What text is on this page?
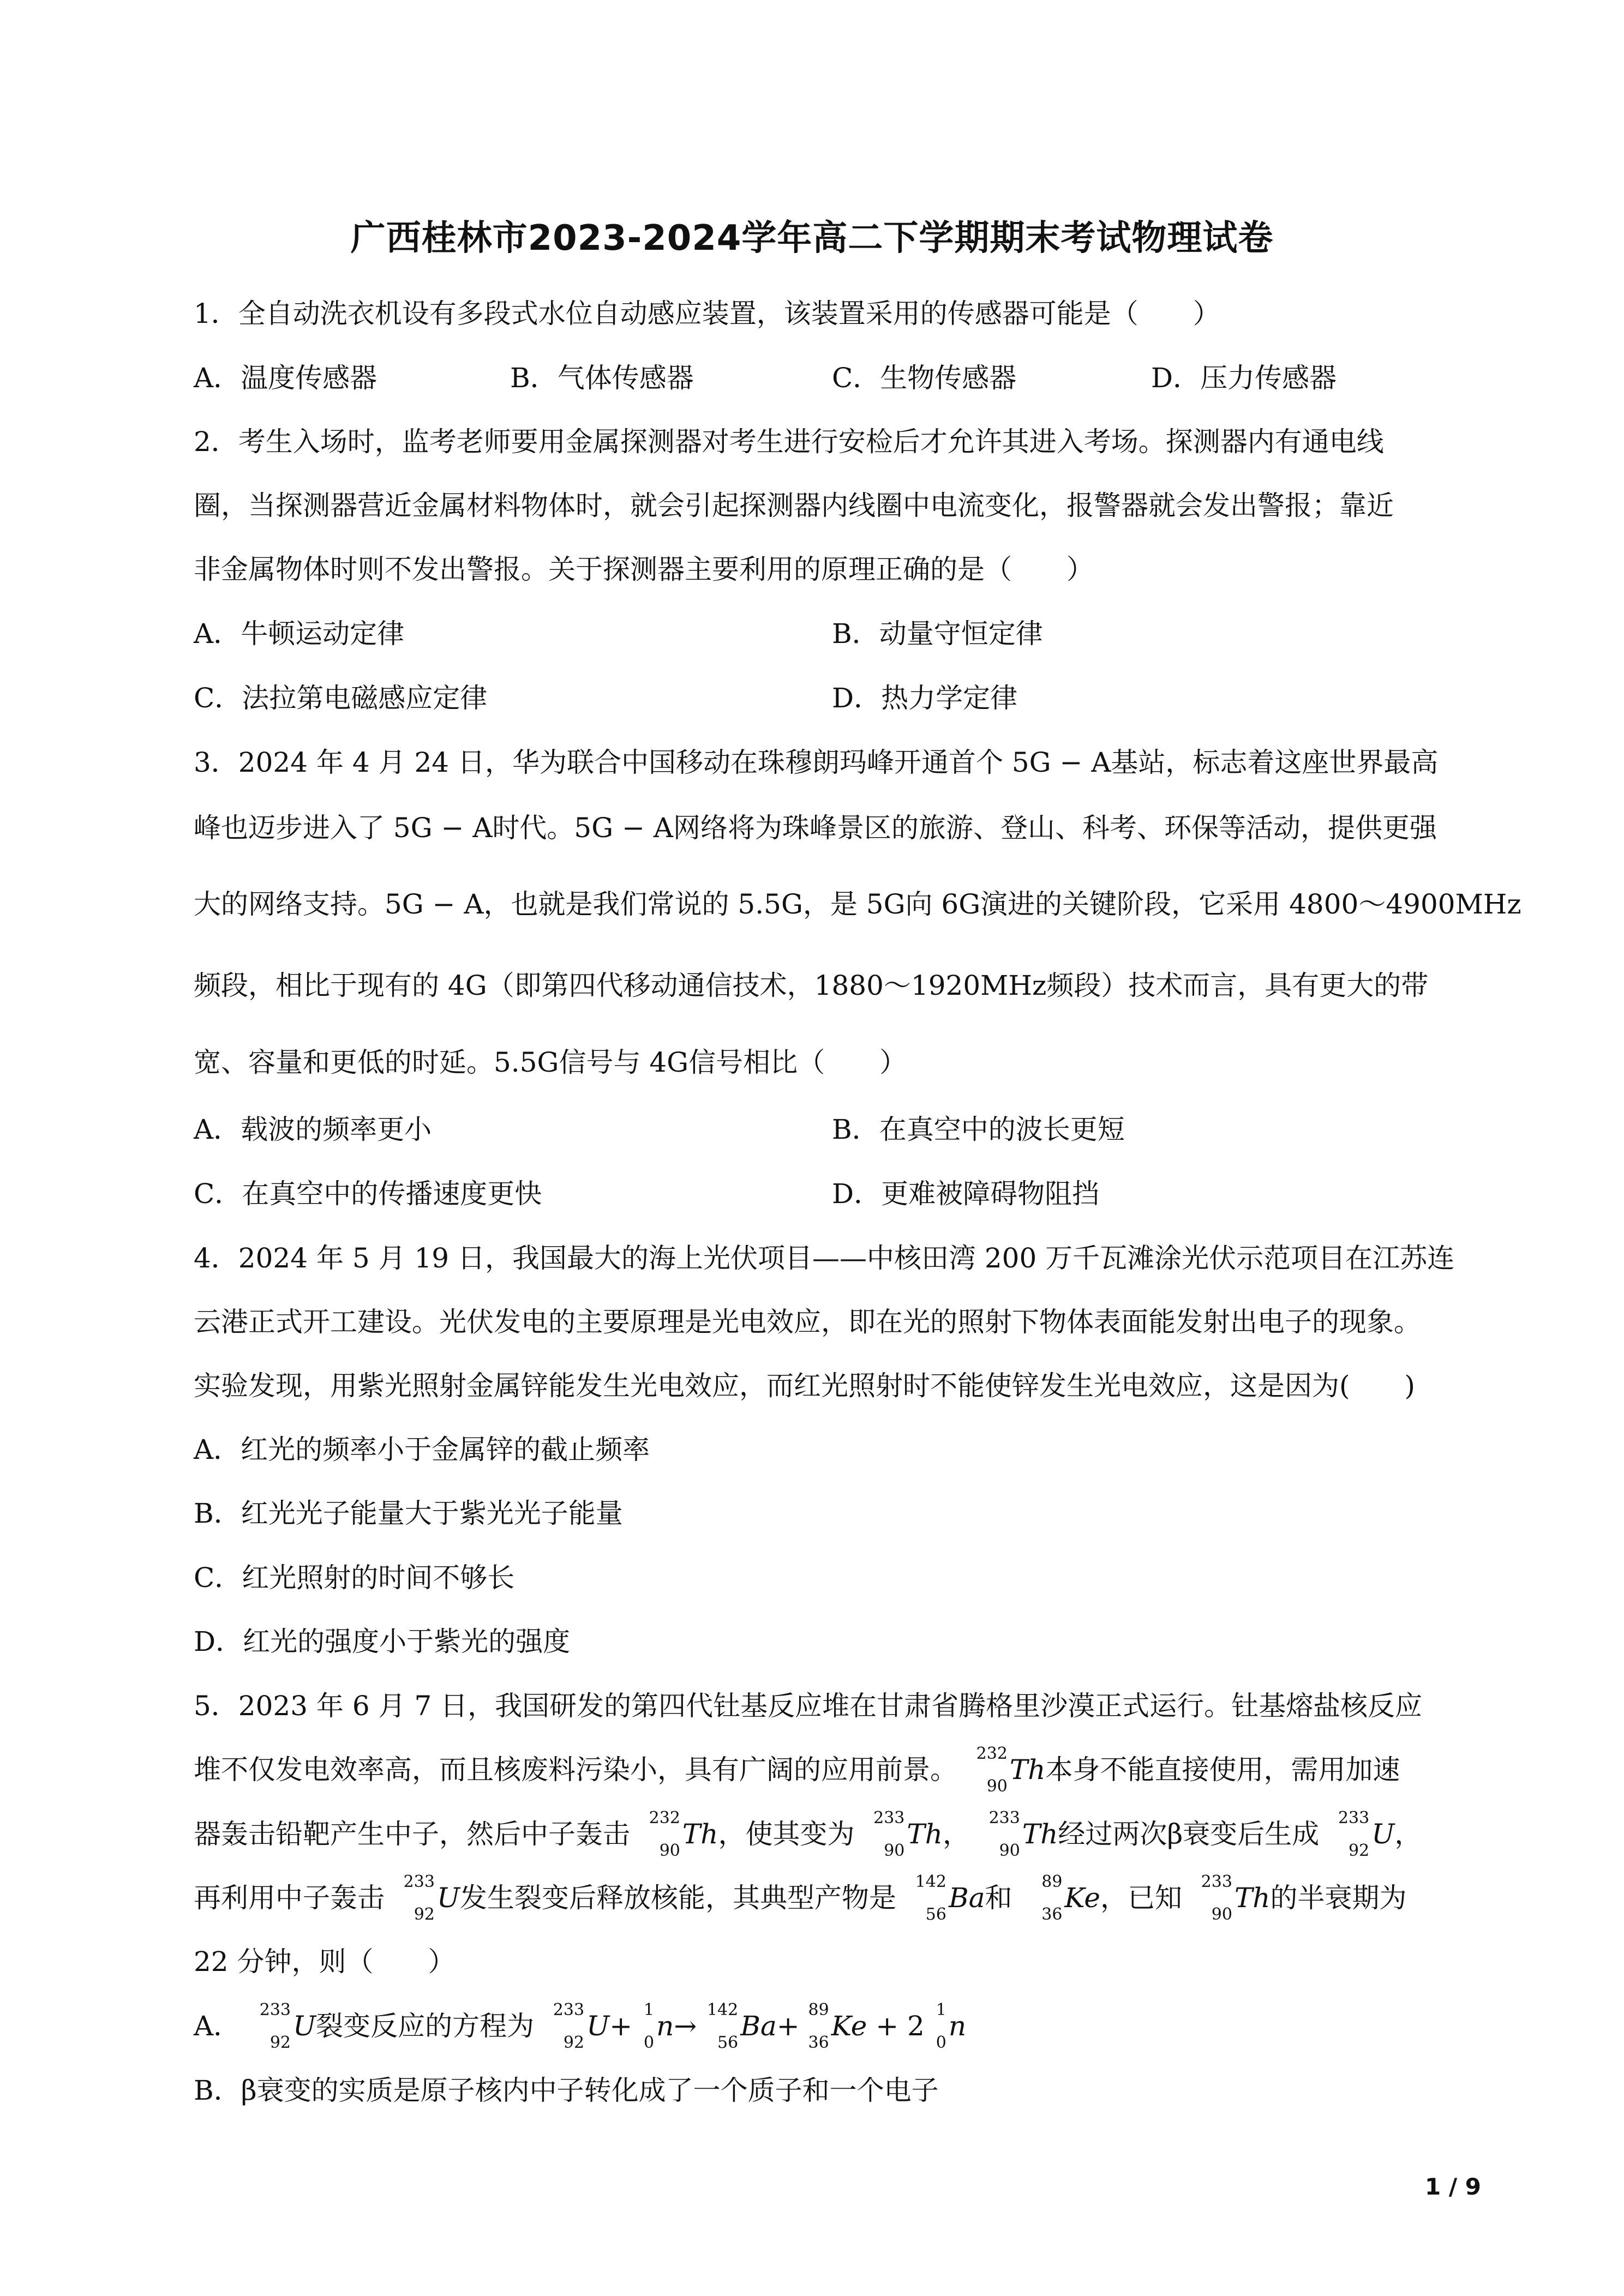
广西桂林市2023-2024学年高二下学期期末考试物理试卷
1．全自动洗衣机设有多段式水位自动感应装置，该装置采用的传感器可能是（　　）
A．温度传感器	B．气体传感器	C．生物传感器	D．压力传感器
2．考生入场时，监考老师要用金属探测器对考生进行安检后才允许其进入考场。探测器内有通电线
圈，当探测器营近金属材料物体时，就会引起探测器内线圈中电流变化，报警器就会发出警报；靠近
非金属物体时则不发出警报。关于探测器主要利用的原理正确的是（　　）
A．牛顿运动定律	B．动量守恒定律
C．法拉第电磁感应定律	D．热力学定律
3．2024 年 4 月 24 日，华为联合中国移动在珠穆朗玛峰开通首个 5G − A基站，标志着这座世界最高
峰也迈步进入了 5G − A时代。5G − A网络将为珠峰景区的旅游、登山、科考、环保等活动，提供更强
大的网络支持。5G − A，也就是我们常说的 5.5G，是 5G向 6G演进的关键阶段，它采用 4800～4900MHz
频段，相比于现有的 4G（即第四代移动通信技术，1880～1920MHz频段）技术而言，具有更大的带
宽、容量和更低的时延。5.5G信号与 4G信号相比（　　）
A．载波的频率更小	B．在真空中的波长更短
C．在真空中的传播速度更快	D．更难被障碍物阻挡
4．2024 年 5 月 19 日，我国最大的海上光伏项目——中核田湾 200 万千瓦滩涂光伏示范项目在江苏连
云港正式开工建设。光伏发电的主要原理是光电效应，即在光的照射下物体表面能发射出电子的现象。
实验发现，用紫光照射金属锌能发生光电效应，而红光照射时不能使锌发生光电效应，这是因为(　　)
A．红光的频率小于金属锌的截止频率
B．红光光子能量大于紫光光子能量
C．红光照射的时间不够长
D．红光的强度小于紫光的强度
5．2023 年 6 月 7 日，我国研发的第四代钍基反应堆在甘肃省腾格里沙漠正式运行。钍基熔盐核反应
堆不仅发电效率高，而且核废料污染小，具有广阔的应用前景。
232
90
Th本身不能直接使用，需用加速
器轰击铅靶产生中子，然后中子轰击
232
90
Th，使其变为
233
90
Th，
233
90
Th经过两次β衰变后生成
233
92
U，
再利用中子轰击
233
92
U发生裂变后释放核能，其典型产物是
142
56
Ba和
89
36
Ke，已知
233
90
Th的半衰期为
22 分钟，则（　　）
A．
233
92
U裂变反应的方程为
233
92
U+
1
0
n→
142
56
Ba+
89
36
Ke + 2
1
0
n
B．β衰变的实质是原子核内中子转化成了一个质子和一个电子
1 / 9
